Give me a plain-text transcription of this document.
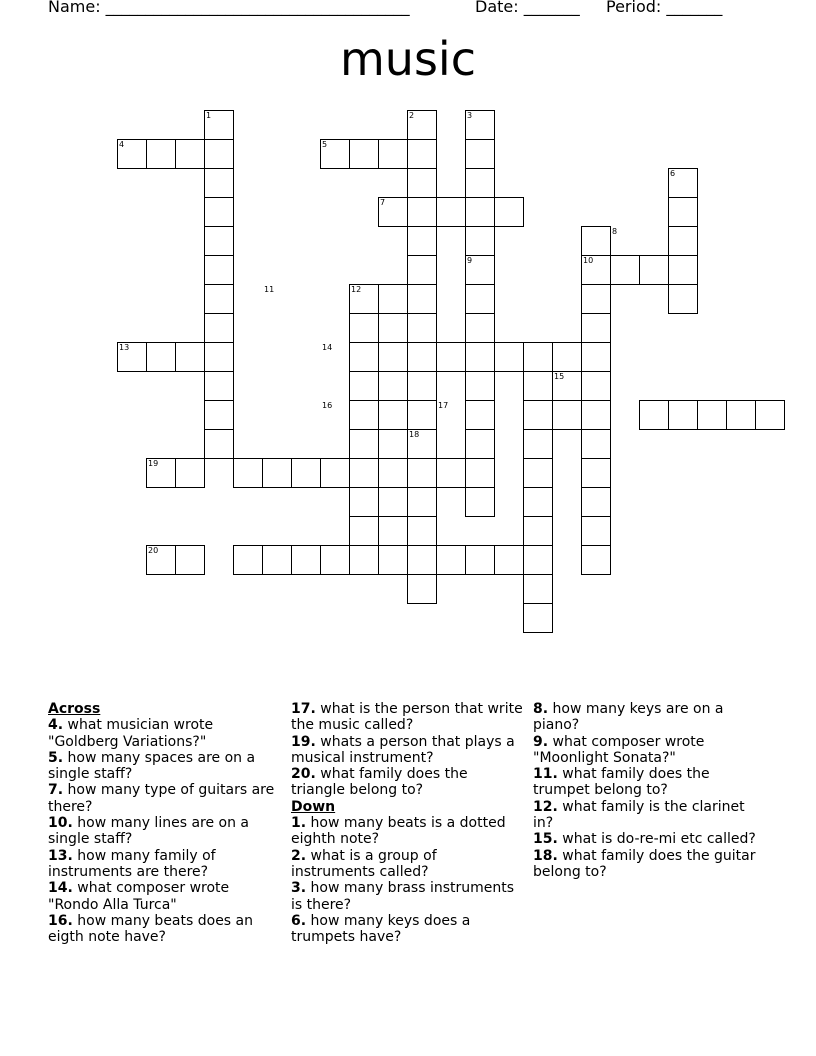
Name: ______________________________________	Date: _______ Period: _______
music
1	2	3
4	5
6
7
8
9	10
11	12
13	14
15
16	17
18
19
20
Across
4. what musician wrote "Goldberg Variations?"
5. how many spaces are on a single staff?
7. how many type of guitars are there?
10. how many lines are on a single staff?
13. how many family of instruments are there?
14. what composer wrote "Rondo Alla Turca"
16. how many beats does an eigth note have?
17. what is the person that write the music called?
19. whats a person that plays a musical instrument?
20. what family does the triangle belong to?
Down
1. how many beats is a dotted eighth note?
2. what is a group of instruments called?
3. how many brass instruments is there?
6. how many keys does a trumpets have?
8. how many keys are on a piano?
9. what composer wrote "Moonlight Sonata?"
11. what family does the trumpet belong to?
12. what family is the clarinet in?
15. what is do-re-mi etc called?
18. what family does the guitar belong to?
